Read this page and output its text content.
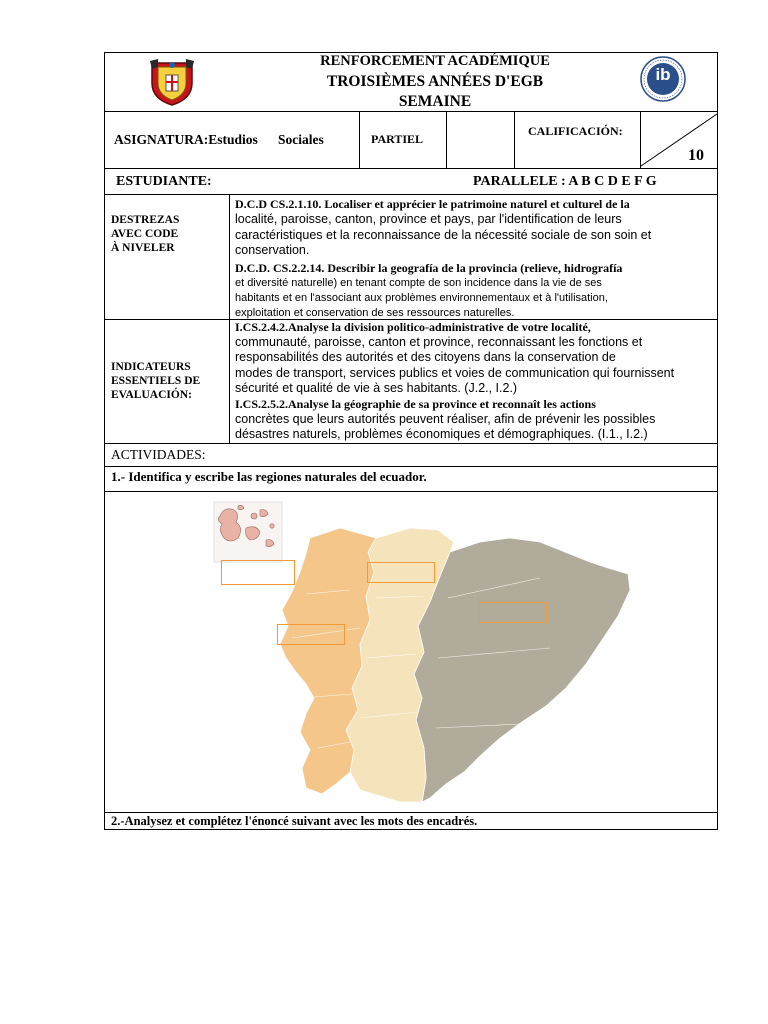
RENFORCEMENT ACADÉMIQUE
TROISIÈMES ANNÉES D'EGB
SEMAINE
ib
ASIGNATURA:Estudios      Sociales	PARTIEL
CALIFICACIÓN:
10
ESTUDIANTE:	PARALLELE : A B C D E F G
DESTREZAS
AVEC CODE
À NIVELER
D.C.D CS.2.1.10. Localiser et apprécier le patrimoine naturel et culturel de la
localité, paroisse, canton, province et pays, par l'identification de leurs
caractéristiques et la reconnaissance de la nécessité sociale de son soin et
conservation.
D.C.D. CS.2.2.14. Describir la geografía de la provincia (relieve, hidrografía
et diversité naturelle) en tenant compte de son incidence dans la vie de ses
habitants et en l'associant aux problèmes environnementaux et à l'utilisation,
exploitation et conservation de ses ressources naturelles.
INDICATEURS
ESSENTIELS DE
EVALUACIÓN:
I.CS.2.4.2.Analyse la division politico-administrative de votre localité,
communauté, paroisse, canton et province, reconnaissant les fonctions et
responsabilités des autorités et des citoyens dans la conservation de
modes de transport, services publics et voies de communication qui fournissent
sécurité et qualité de vie à ses habitants. (J.2., I.2.)
I.CS.2.5.2.Analyse la géographie de sa province et reconnaît les actions
concrètes que leurs autorités peuvent réaliser, afin de prévenir les possibles
désastres naturels, problèmes économiques et démographiques. (I.1., I.2.)
ACTIVIDADES:
1.- Identifica y escribe las regiones naturales del ecuador.
2.-Analysez et complétez l'énoncé suivant avec les mots des encadrés.
